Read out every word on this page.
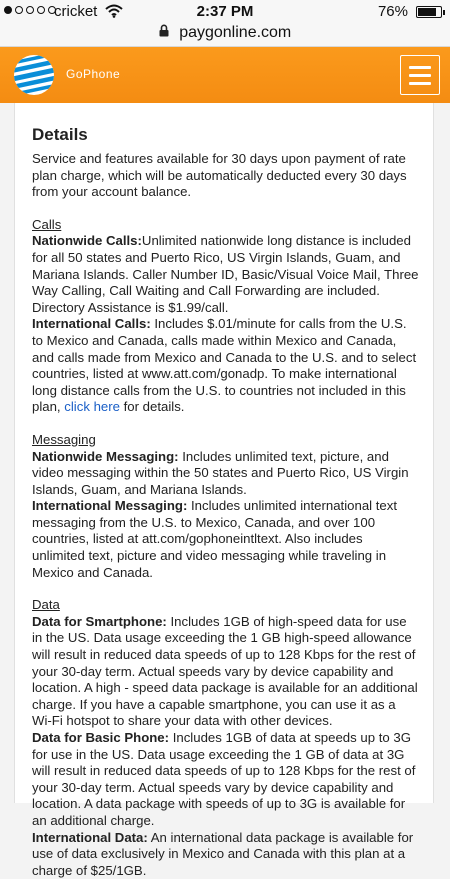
cricket	2:37 PM	76%
paygonline.com
GoPhone
Details

Service and features available for 30 days upon payment of rate plan charge, which will be automatically deducted every 30 days from your account balance.

Calls

Nationwide Calls:Unlimited nationwide long distance is included for all 50 states and Puerto Rico, US Virgin Islands, Guam, and Mariana Islands. Caller Number ID, Basic/Visual Voice Mail, Three Way Calling, Call Waiting and Call Forwarding are included. Directory Assistance is $1.99/call.

International Calls: Includes $.01/minute for calls from the U.S. to Mexico and Canada, calls made within Mexico and Canada, and calls made from Mexico and Canada to the U.S. and to select countries, listed at www.att.com/gonadp. To make international long distance calls from the U.S. to countries not included in this plan, click here for details.

Messaging

Nationwide Messaging: Includes unlimited text, picture, and video messaging within the 50 states and Puerto Rico, US Virgin Islands, Guam, and Mariana Islands.

International Messaging: Includes unlimited international text messaging from the U.S. to Mexico, Canada, and over 100 countries, listed at att.com/gophoneintltext. Also includes unlimited text, picture and video messaging while traveling in Mexico and Canada.

Data

Data for Smartphone: Includes 1GB of high-speed data for use in the US. Data usage exceeding the 1 GB high-speed allowance will result in reduced data speeds of up to 128 Kbps for the rest of your 30-day term. Actual speeds vary by device capability and location. A high - speed data package is available for an additional charge. If you have a capable smartphone, you can use it as a Wi-Fi hotspot to share your data with other devices.

Data for Basic Phone: Includes 1GB of data at speeds up to 3G for use in the US. Data usage exceeding the 1 GB of data at 3G will result in reduced data speeds of up to 128 Kbps for the rest of your 30-day term. Actual speeds vary by device capability and location. A data package with speeds of up to 3G is available for an additional charge.

International Data: An international data package is available for use of data exclusively in Mexico and Canada with this plan at a charge of $25/1GB.
